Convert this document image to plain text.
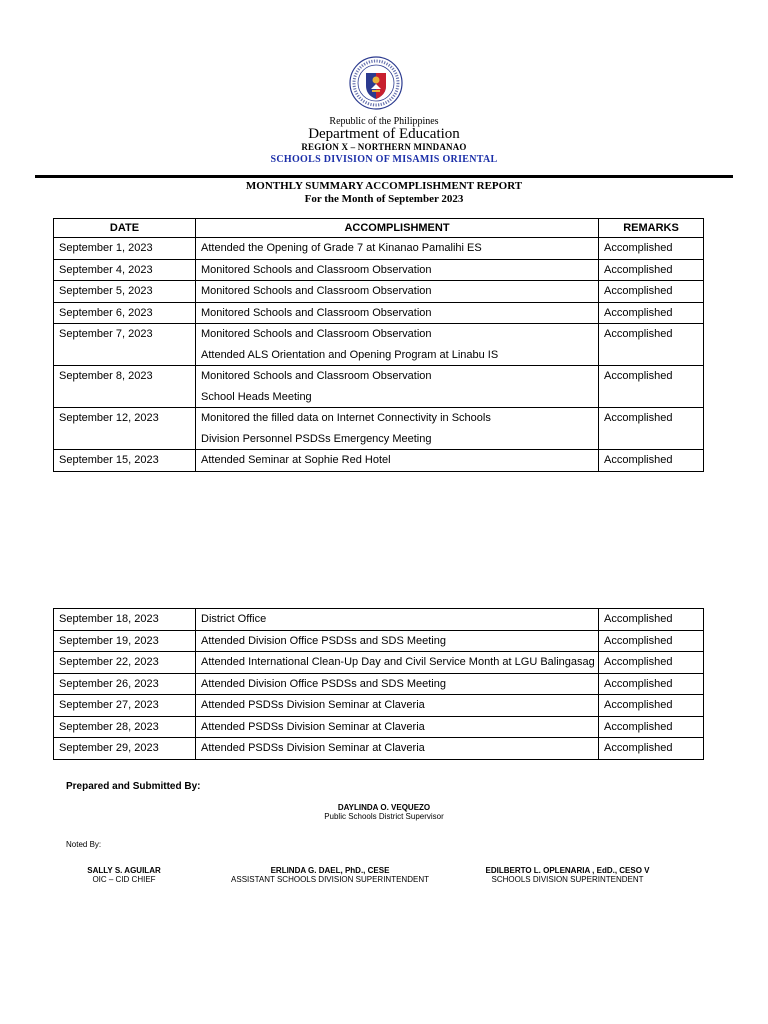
Republic of the Philippines
Department of Education
REGION X – NORTHERN MINDANAO
SCHOOLS DIVISION OF MISAMIS ORIENTAL
MONTHLY SUMMARY ACCOMPLISHMENT REPORT
For the Month of September 2023
DATE	ACCOMPLISHMENT	REMARKS
September 1, 2023	Attended the Opening of Grade 7 at Kinanao Pamalihi ES	Accomplished
September 4, 2023	Monitored Schools and Classroom Observation	Accomplished
September 5, 2023	Monitored Schools and Classroom Observation	Accomplished
September 6, 2023	Monitored Schools and Classroom Observation	Accomplished
September 7, 2023	Monitored Schools and Classroom Observation
Attended ALS Orientation and Opening Program at Linabu IS	Accomplished
September 8, 2023	Monitored Schools and Classroom Observation
School Heads Meeting	Accomplished
September 12, 2023	Monitored the filled data on Internet Connectivity in Schools
Division Personnel PSDSs Emergency Meeting	Accomplished
September 15, 2023	Attended Seminar at Sophie Red Hotel	Accomplished
September 18, 2023	District Office	Accomplished
September 19, 2023	Attended Division Office PSDSs and SDS Meeting	Accomplished
September 22, 2023	Attended International Clean-Up Day and Civil Service Month at LGU Balingasag	Accomplished
September 26, 2023	Attended Division Office PSDSs and SDS Meeting	Accomplished
September 27, 2023	Attended PSDSs Division Seminar at Claveria	Accomplished
September 28, 2023	Attended PSDSs Division Seminar at Claveria	Accomplished
September 29, 2023	Attended PSDSs Division Seminar at Claveria	Accomplished
Prepared and Submitted By:
DAYLINDA O. VEQUEZO
Public Schools District Supervisor
Noted By:
SALLY S. AGUILAR
OIC – CID CHIEF
ERLINDA G. DAEL, PhD., CESE
ASSISTANT SCHOOLS DIVISION SUPERINTENDENT
EDILBERTO L. OPLENARIA , EdD., CESO V
SCHOOLS DIVISION SUPERINTENDENT
